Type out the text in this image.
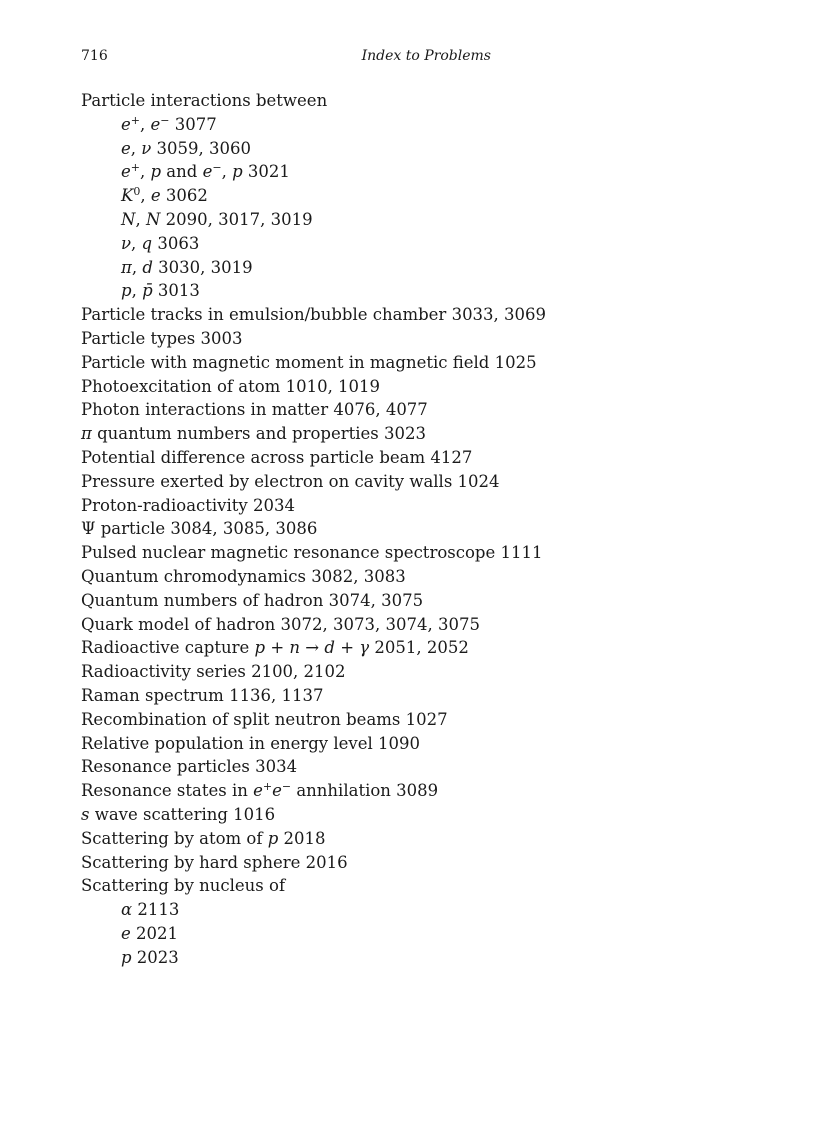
716	Index to Problems
Particle interactions between
e+, e− 3077
e, ν 3059, 3060
e+, p and e−, p 3021
$K^0$, e 3062
N, N 2090, 3017, 3019
ν, q 3063
π, d 3030, 3019
p, p̄ 3013
Particle tracks in emulsion/bubble chamber 3033, 3069
Particle types 3003
Particle with magnetic moment in magnetic field 1025
Photoexcitation of atom 1010, 1019
Photon interactions in matter 4076, 4077
π quantum numbers and properties 3023
Potential difference across particle beam 4127
Pressure exerted by electron on cavity walls 1024
Proton-radioactivity 2034
Ψ particle 3084, 3085, 3086
Pulsed nuclear magnetic resonance spectroscope 1111
Quantum chromodynamics 3082, 3083
Quantum numbers of hadron 3074, 3075
Quark model of hadron 3072, 3073, 3074, 3075
Radioactive capture p + n → d + γ 2051, 2052
Radioactivity series 2100, 2102
Raman spectrum 1136, 1137
Recombination of split neutron beams 1027
Relative population in energy level 1090
Resonance particles 3034
Resonance states in e+e− annhilation 3089
s wave scattering 1016
Scattering by atom of p 2018
Scattering by hard sphere 2016
Scattering by nucleus of
α 2113
e 2021
p 2023
